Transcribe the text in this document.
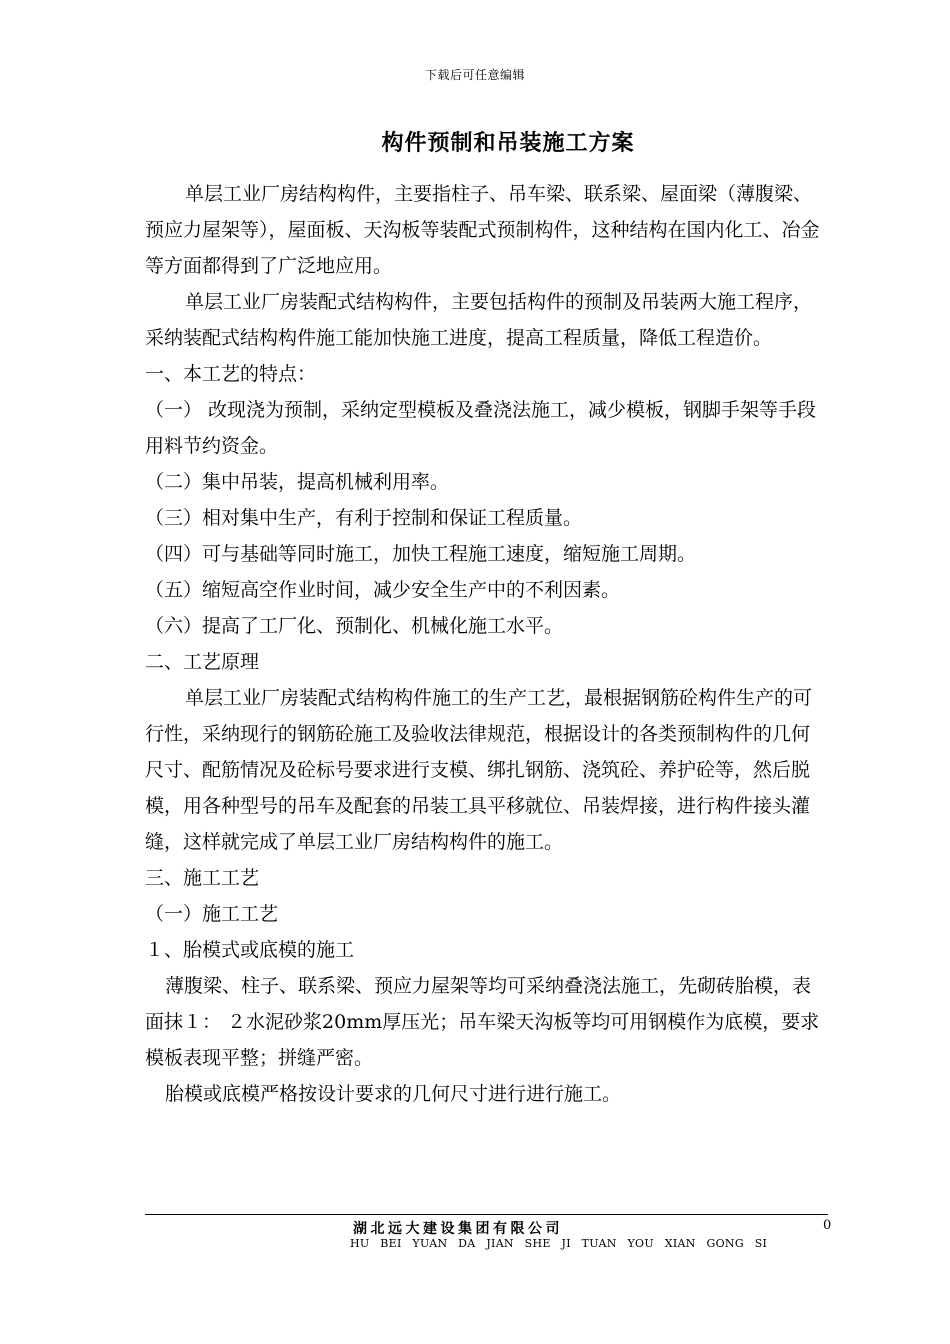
下载后可任意编辑
构件预制和吊装施工方案

单层工业厂房结构构件，主要指柱子、吊车梁、联系梁、屋面梁（薄腹梁、预应力屋架等），屋面板、天沟板等装配式预制构件，这种结构在国内化工、冶金等方面都得到了广泛地应用。

单层工业厂房装配式结构构件，主要包括构件的预制及吊装两大施工程序，采纳装配式结构构件施工能加快施工进度，提高工程质量，降低工程造价。

一、本工艺的特点：

（一） 改现浇为预制，采纳定型模板及叠浇法施工，减少模板，钢脚手架等手段用料节约资金。

（二）集中吊装，提高机械利用率。

（三）相对集中生产，有利于控制和保证工程质量。

（四）可与基础等同时施工，加快工程施工速度，缩短施工周期。

（五）缩短高空作业时间，减少安全生产中的不利因素。

（六）提高了工厂化、预制化、机械化施工水平。

二、工艺原理

单层工业厂房装配式结构构件施工的生产工艺，最根据钢筋砼构件生产的可行性，采纳现行的钢筋砼施工及验收法律规范，根据设计的各类预制构件的几何尺寸、配筋情况及砼标号要求进行支模、绑扎钢筋、浇筑砼、养护砼等，然后脱模，用各种型号的吊车及配套的吊装工具平移就位、吊装焊接，进行构件接头灌缝，这样就完成了单层工业厂房结构构件的施工。

三、施工工艺

（一）施工工艺

１、胎模式或底模的施工

薄腹梁、柱子、联系梁、预应力屋架等均可采纳叠浇法施工，先砌砖胎模，表面抹１： ２水泥砂浆20mm厚压光；吊车梁天沟板等均可用钢模作为底模，要求模板表现平整；拼缝严密。

胎模或底模严格按设计要求的几何尺寸进行进行施工。

湖北远大建设集团有限公司
HU BEI YUAN DA JIAN SHE JI TUAN YOU XIAN GONG SI
0
